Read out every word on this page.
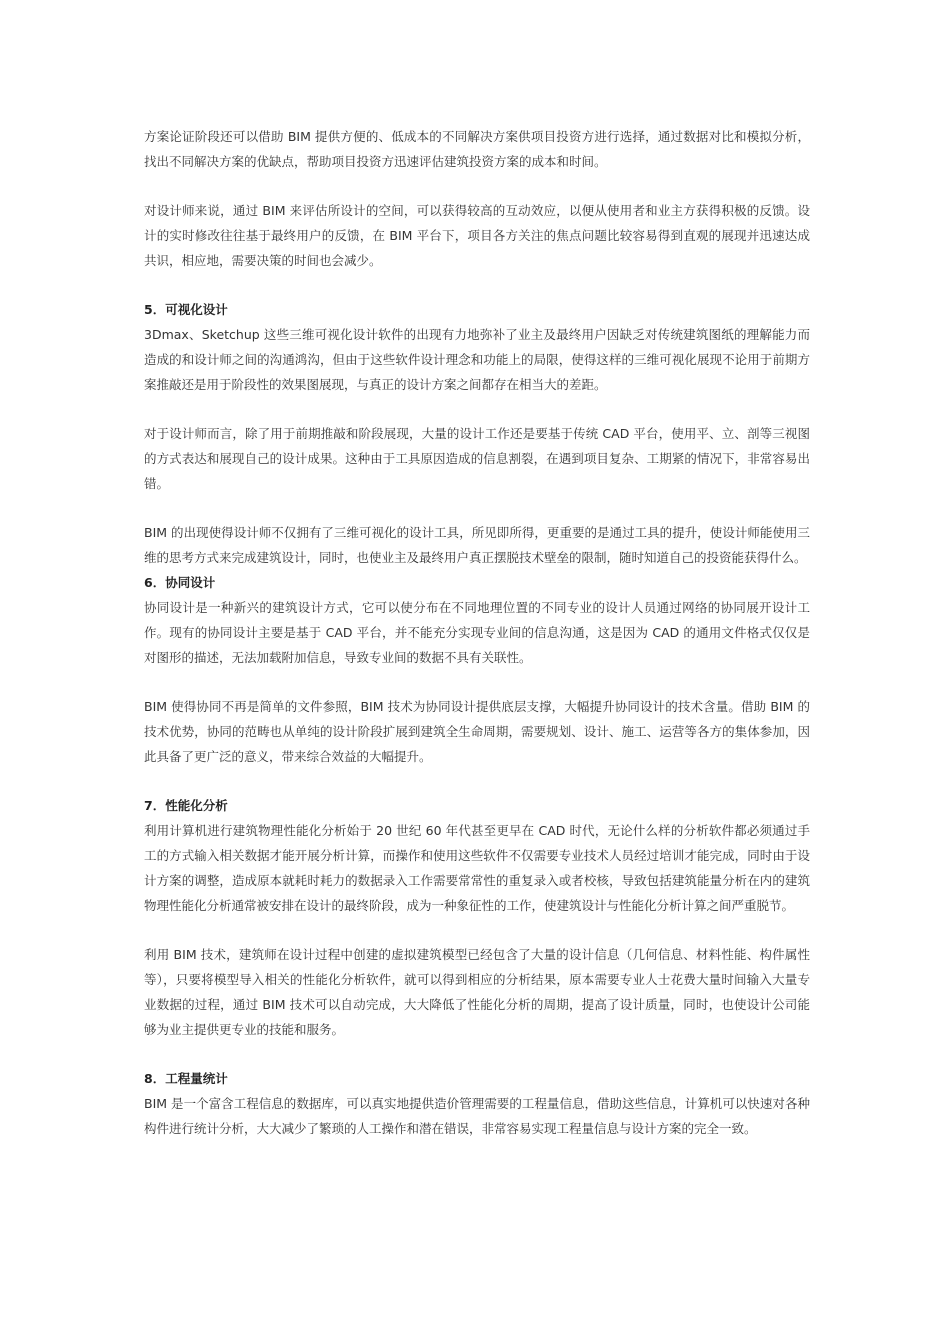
方案论证阶段还可以借助 BIM 提供方便的、低成本的不同解决方案供项目投资方进行选择，通过数据对比和模拟分析，找出不同解决方案的优缺点，帮助项目投资方迅速评估建筑投资方案的成本和时间。

对设计师来说，通过 BIM 来评估所设计的空间，可以获得较高的互动效应，以便从使用者和业主方获得积极的反馈。设计的实时修改往往基于最终用户的反馈，在 BIM 平台下，项目各方关注的焦点问题比较容易得到直观的展现并迅速达成共识，相应地，需要决策的时间也会减少。

5．可视化设计

3Dmax、Sketchup 这些三维可视化设计软件的出现有力地弥补了业主及最终用户因缺乏对传统建筑图纸的理解能力而造成的和设计师之间的沟通鸿沟，但由于这些软件设计理念和功能上的局限，使得这样的三维可视化展现不论用于前期方案推敲还是用于阶段性的效果图展现，与真正的设计方案之间都存在相当大的差距。

对于设计师而言，除了用于前期推敲和阶段展现，大量的设计工作还是要基于传统 CAD 平台，使用平、立、剖等三视图的方式表达和展现自己的设计成果。这种由于工具原因造成的信息割裂，在遇到项目复杂、工期紧的情况下，非常容易出错。

BIM 的出现使得设计师不仅拥有了三维可视化的设计工具，所见即所得，更重要的是通过工具的提升，使设计师能使用三维的思考方式来完成建筑设计，同时，也使业主及最终用户真正摆脱技术壁垒的限制，随时知道自己的投资能获得什么。

6．协同设计

协同设计是一种新兴的建筑设计方式，它可以使分布在不同地理位置的不同专业的设计人员通过网络的协同展开设计工作。现有的协同设计主要是基于 CAD 平台，并不能充分实现专业间的信息沟通，这是因为 CAD 的通用文件格式仅仅是对图形的描述，无法加载附加信息，导致专业间的数据不具有关联性。

BIM 使得协同不再是简单的文件参照，BIM 技术为协同设计提供底层支撑，大幅提升协同设计的技术含量。借助 BIM 的技术优势，协同的范畴也从单纯的设计阶段扩展到建筑全生命周期，需要规划、设计、施工、运营等各方的集体参加，因此具备了更广泛的意义，带来综合效益的大幅提升。

7．性能化分析

利用计算机进行建筑物理性能化分析始于 20 世纪 60 年代甚至更早在 CAD 时代，无论什么样的分析软件都必须通过手工的方式输入相关数据才能开展分析计算，而操作和使用这些软件不仅需要专业技术人员经过培训才能完成，同时由于设计方案的调整，造成原本就耗时耗力的数据录入工作需要常常性的重复录入或者校核，导致包括建筑能量分析在内的建筑物理性能化分析通常被安排在设计的最终阶段，成为一种象征性的工作，使建筑设计与性能化分析计算之间严重脱节。

利用 BIM 技术，建筑师在设计过程中创建的虚拟建筑模型已经包含了大量的设计信息（几何信息、材料性能、构件属性等），只要将模型导入相关的性能化分析软件，就可以得到相应的分析结果，原本需要专业人士花费大量时间输入大量专业数据的过程，通过 BIM 技术可以自动完成，大大降低了性能化分析的周期，提高了设计质量，同时，也使设计公司能够为业主提供更专业的技能和服务。

8．工程量统计

BIM 是一个富含工程信息的数据库，可以真实地提供造价管理需要的工程量信息，借助这些信息，计算机可以快速对各种构件进行统计分析，大大减少了繁琐的人工操作和潜在错误，非常容易实现工程量信息与设计方案的完全一致。
